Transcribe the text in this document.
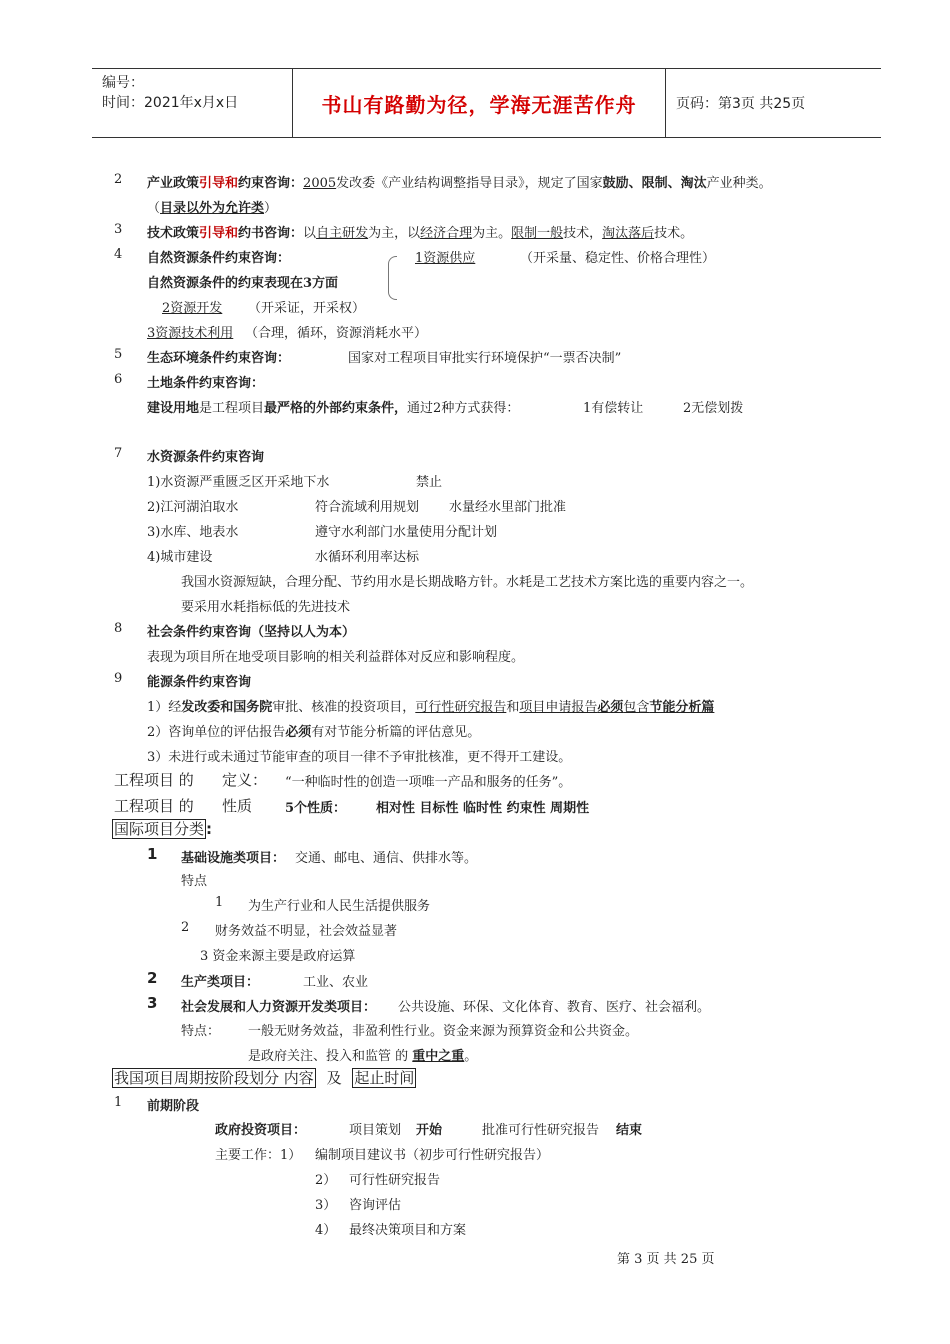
编号：
时间：2021年x月x日	书山有路勤为径，学海无涯苦作舟	页码：第3页 共25页
2 产业政策引导和约束咨询：2005发改委《产业结构调整指导目录》，规定了国家鼓励、限制、淘汰产业种类。
（目录以外为允许类）
3 技术政策引导和约书咨询：以自主研发为主，以经济合理为主。限制一般技术，淘汰落后技术。
4 自然资源条件约束咨询：	1资源供应	（开采量、稳定性、价格合理性）
自然资源条件的约束表现在3方面
2资源开发 （开采证，开采权）
3资源技术利用 （合理，循环，资源消耗水平）
5 生态环境条件约束咨询：	国家对工程项目审批实行环境保护“一票否决制”
6 土地条件约束咨询：
建设用地是工程项目最严格的外部约束条件，通过2种方式获得：	1有偿转让	2无偿划拨
7 水资源条件约束咨询
1)水资源严重匮乏区开采地下水	禁止
2)江河湖泊取水	符合流域利用规划 水量经水里部门批准
3)水库、地表水	遵守水利部门水量使用分配计划
4)城市建设	水循环利用率达标
我国水资源短缺，合理分配、节约用水是长期战略方针。水耗是工艺技术方案比选的重要内容之一。
要采用水耗指标低的先进技术
8 社会条件约束咨询（坚持以人为本）
表现为项目所在地受项目影响的相关利益群体对反应和影响程度。
9 能源条件约束咨询
1）经发改委和国务院审批、核准的投资项目，可行性研究报告和项目申请报告必须包含节能分析篇
2）咨询单位的评估报告必须有对节能分析篇的评估意见。
3）未进行或未通过节能审查的项目一律不予审批核准，更不得开工建设。
工程项目 的 定义： “一种临时性的创造一项唯一产品和服务的任务”。
工程项目 的 性质	5个性质： 相对性 目标性 临时性 约束性 周期性
国际项目分类 :
1 基础设施类项目： 交通、邮电、通信、供排水等。
特点
1 为生产行业和人民生活提供服务
2 财务效益不明显，社会效益显著
3 资金来源主要是政府运算
2 生产类项目：	工业、农业
3 社会发展和人力资源开发类项目： 公共设施、环保、文化体育、教育、医疗、社会福利。
特点： 一般无财务效益，非盈利性行业。资金来源为预算资金和公共资金。
是政府关注、投入和监管 的 重中之重。
我国项目周期按阶段划分 内容 及 起止时间
1 前期阶段
政府投资项目：	项目策划 开始	批准可行性研究报告 结束
主要工作：1） 编制项目建议书（初步可行性研究报告）
2） 可行性研究报告
3） 咨询评估
4） 最终决策项目和方案
第 3 页 共 25 页
